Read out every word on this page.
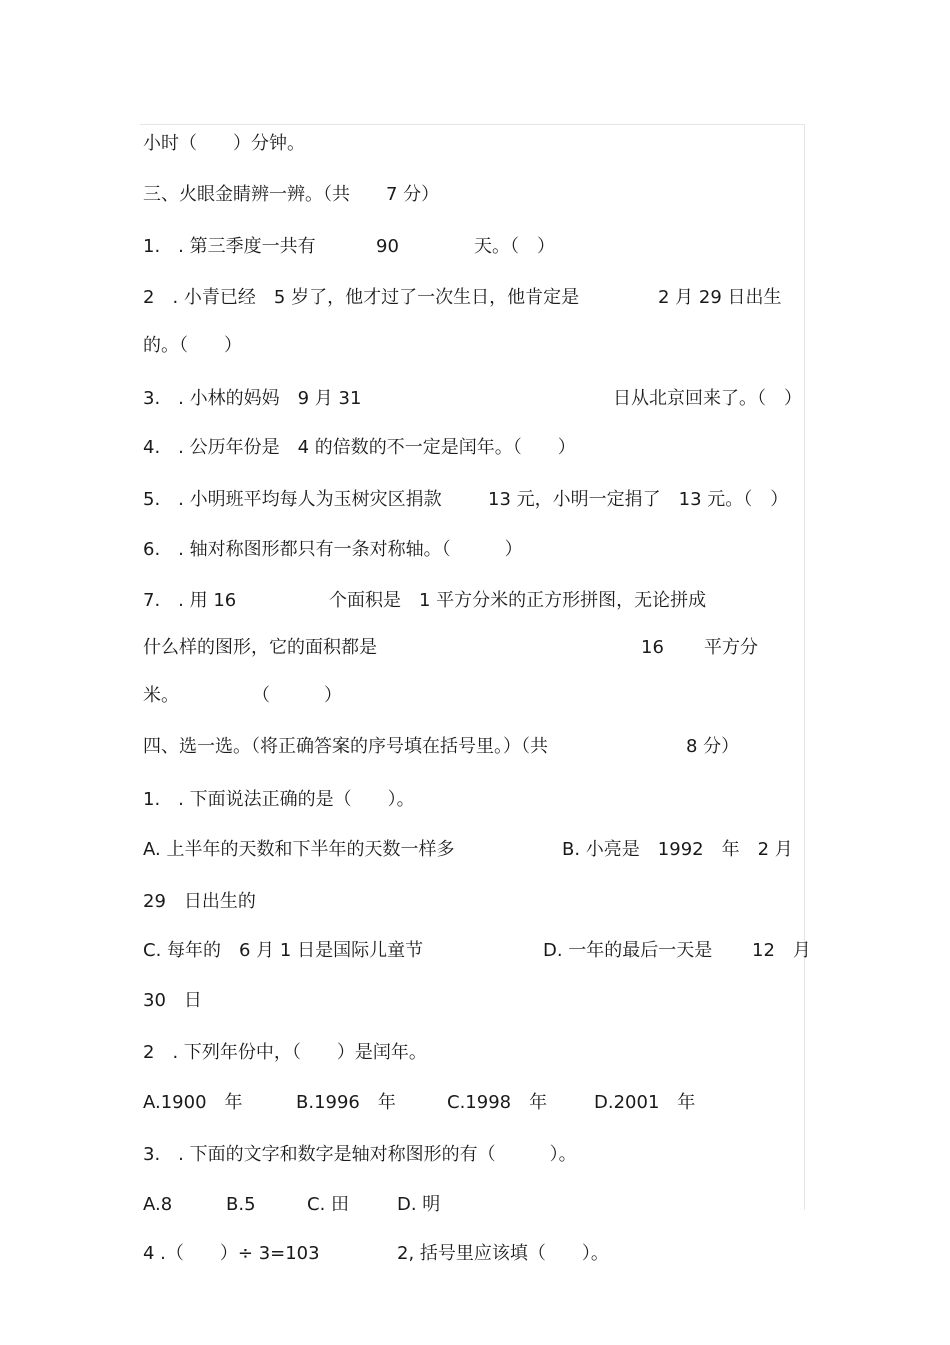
小时（　　）分钟。
三、火眼金睛辨一辨。（共　　7 分）
1.　. 第三季度一共有	90	天。（　）
2　. 小青已经　5 岁了，他才过了一次生日，他肯定是	2 月 29 日出生
的。（　　）
3.　. 小林的妈妈　9 月 31	日从北京回来了。（　）
4.　. 公历年份是　4 的倍数的不一定是闰年。（　　）
5.　. 小明班平均每人为玉树灾区捐款	13 元，小明一定捐了　13 元。（　）
6.　. 轴对称图形都只有一条对称轴。（　　　）
7.　. 用 16	个面积是　1 平方分米的正方形拼图，无论拼成
什么样的图形，它的面积都是	16 平方分
米。	（　　　）
四、选一选。（将正确答案的序号填在括号里。）（共	8 分）
1.　. 下面说法正确的是（　　）。
A. 上半年的天数和下半年的天数一样多	B. 小亮是　1992　年　2 月
29　日出生的
C. 每年的　6 月 1 日是国际儿童节	D. 一年的最后一天是 12　月
30　日
2　. 下列年份中，（　　）是闰年。
A.1900　年	B.1996　年	C.1998　年	D.2001　年
3.　. 下面的文字和数字是轴对称图形的有（　　　）。
A.8	B.5	C. 田	D. 明
4 .（　　）÷ 3=103	2, 括号里应该填（　　）。
